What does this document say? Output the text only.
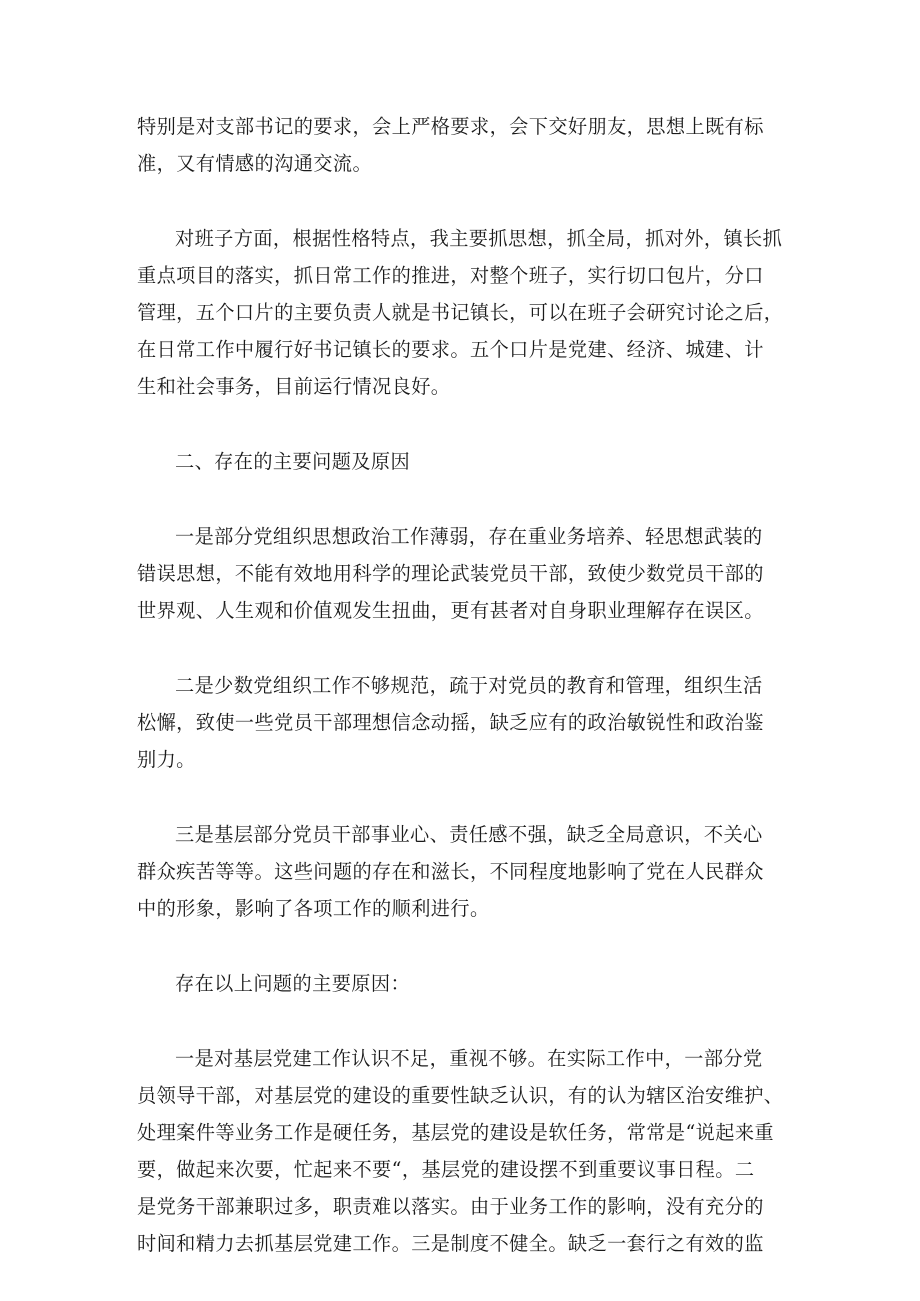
特别是对支部书记的要求，会上严格要求，会下交好朋友，思想上既有标
准，又有情感的沟通交流。

对班子方面，根据性格特点，我主要抓思想，抓全局，抓对外，镇长抓
重点项目的落实，抓日常工作的推进，对整个班子，实行切口包片，分口
管理，五个口片的主要负责人就是书记镇长，可以在班子会研究讨论之后，
在日常工作中履行好书记镇长的要求。五个口片是党建、经济、城建、计
生和社会事务，目前运行情况良好。

二、存在的主要问题及原因

一是部分党组织思想政治工作薄弱，存在重业务培养、轻思想武装的
错误思想，不能有效地用科学的理论武装党员干部，致使少数党员干部的
世界观、人生观和价值观发生扭曲，更有甚者对自身职业理解存在误区。

二是少数党组织工作不够规范，疏于对党员的教育和管理，组织生活
松懈，致使一些党员干部理想信念动摇，缺乏应有的政治敏锐性和政治鉴
别力。

三是基层部分党员干部事业心、责任感不强，缺乏全局意识，不关心
群众疾苦等等。这些问题的存在和滋长，不同程度地影响了党在人民群众
中的形象，影响了各项工作的顺利进行。

存在以上问题的主要原因：

一是对基层党建工作认识不足，重视不够。在实际工作中，一部分党
员领导干部，对基层党的建设的重要性缺乏认识，有的认为辖区治安维护、
处理案件等业务工作是硬任务，基层党的建设是软任务，常常是“说起来重
要，做起来次要，忙起来不要“，基层党的建设摆不到重要议事日程。二
是党务干部兼职过多，职责难以落实。由于业务工作的影响，没有充分的
时间和精力去抓基层党建工作。三是制度不健全。缺乏一套行之有效的监
